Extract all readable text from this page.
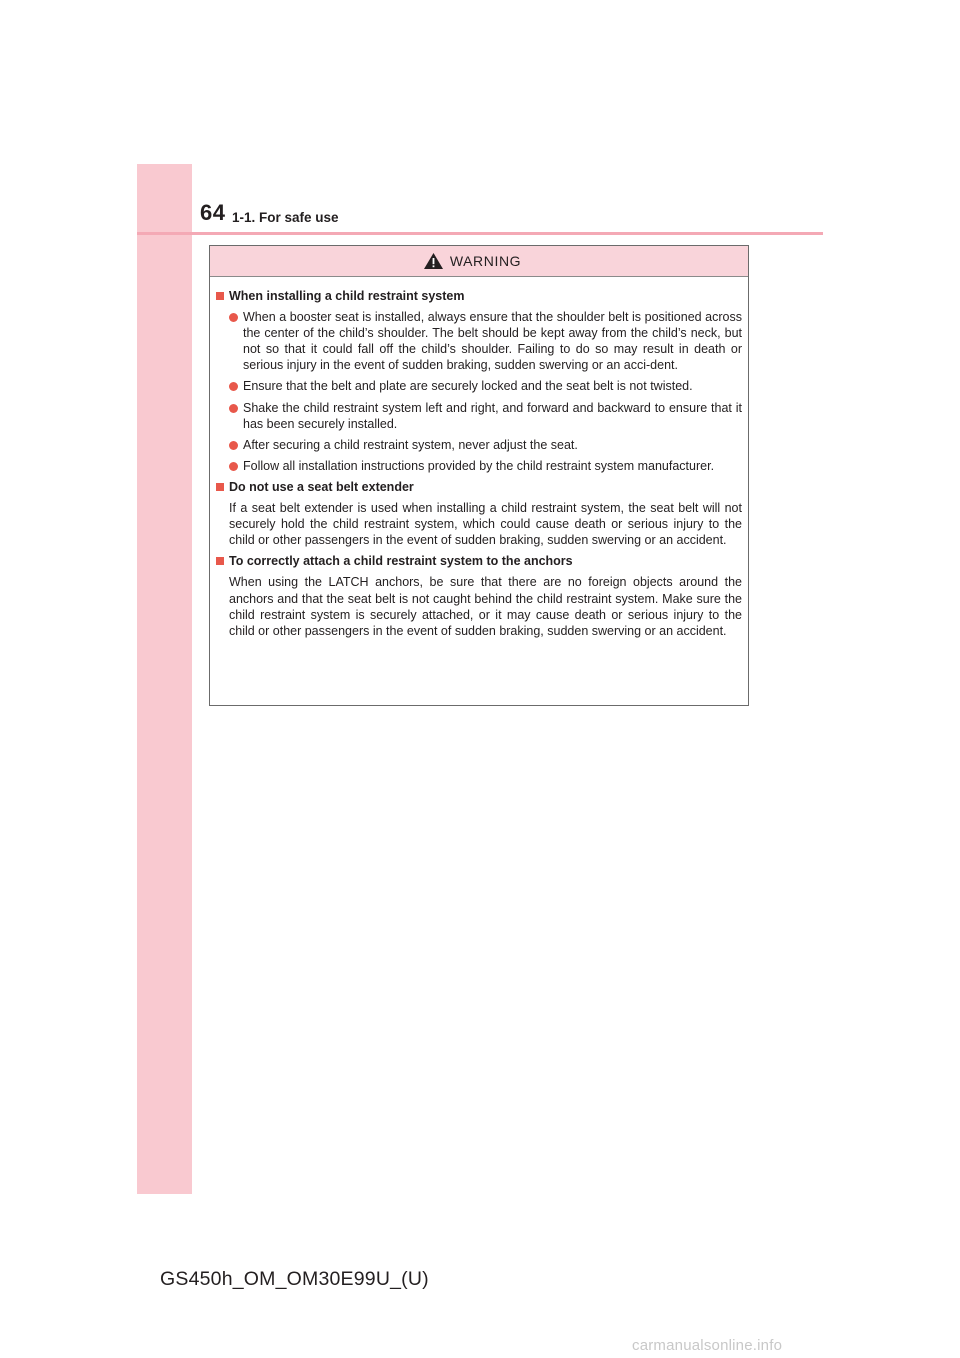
64 1-1. For safe use
WARNING
When installing a child restraint system
When a booster seat is installed, always ensure that the shoulder belt is positioned across the center of the child’s shoulder. The belt should be kept away from the child’s neck, but not so that it could fall off the child’s shoulder. Failing to do so may result in death or serious injury in the event of sudden braking, sudden swerving or an acci-dent.
Ensure that the belt and plate are securely locked and the seat belt is not twisted.
Shake the child restraint system left and right, and forward and backward to ensure that it has been securely installed.
After securing a child restraint system, never adjust the seat.
Follow all installation instructions provided by the child restraint system manufacturer.
Do not use a seat belt extender
If a seat belt extender is used when installing a child restraint system, the seat belt will not securely hold the child restraint system, which could cause death or serious injury to the child or other passengers in the event of sudden braking, sudden swerving or an accident.
To correctly attach a child restraint system to the anchors
When using the LATCH anchors, be sure that there are no foreign objects around the anchors and that the seat belt is not caught behind the child restraint system. Make sure the child restraint system is securely attached, or it may cause death or serious injury to the child or other passengers in the event of sudden braking, sudden swerving or an accident.
GS450h_OM_OM30E99U_(U)
carmanualsonline.info
